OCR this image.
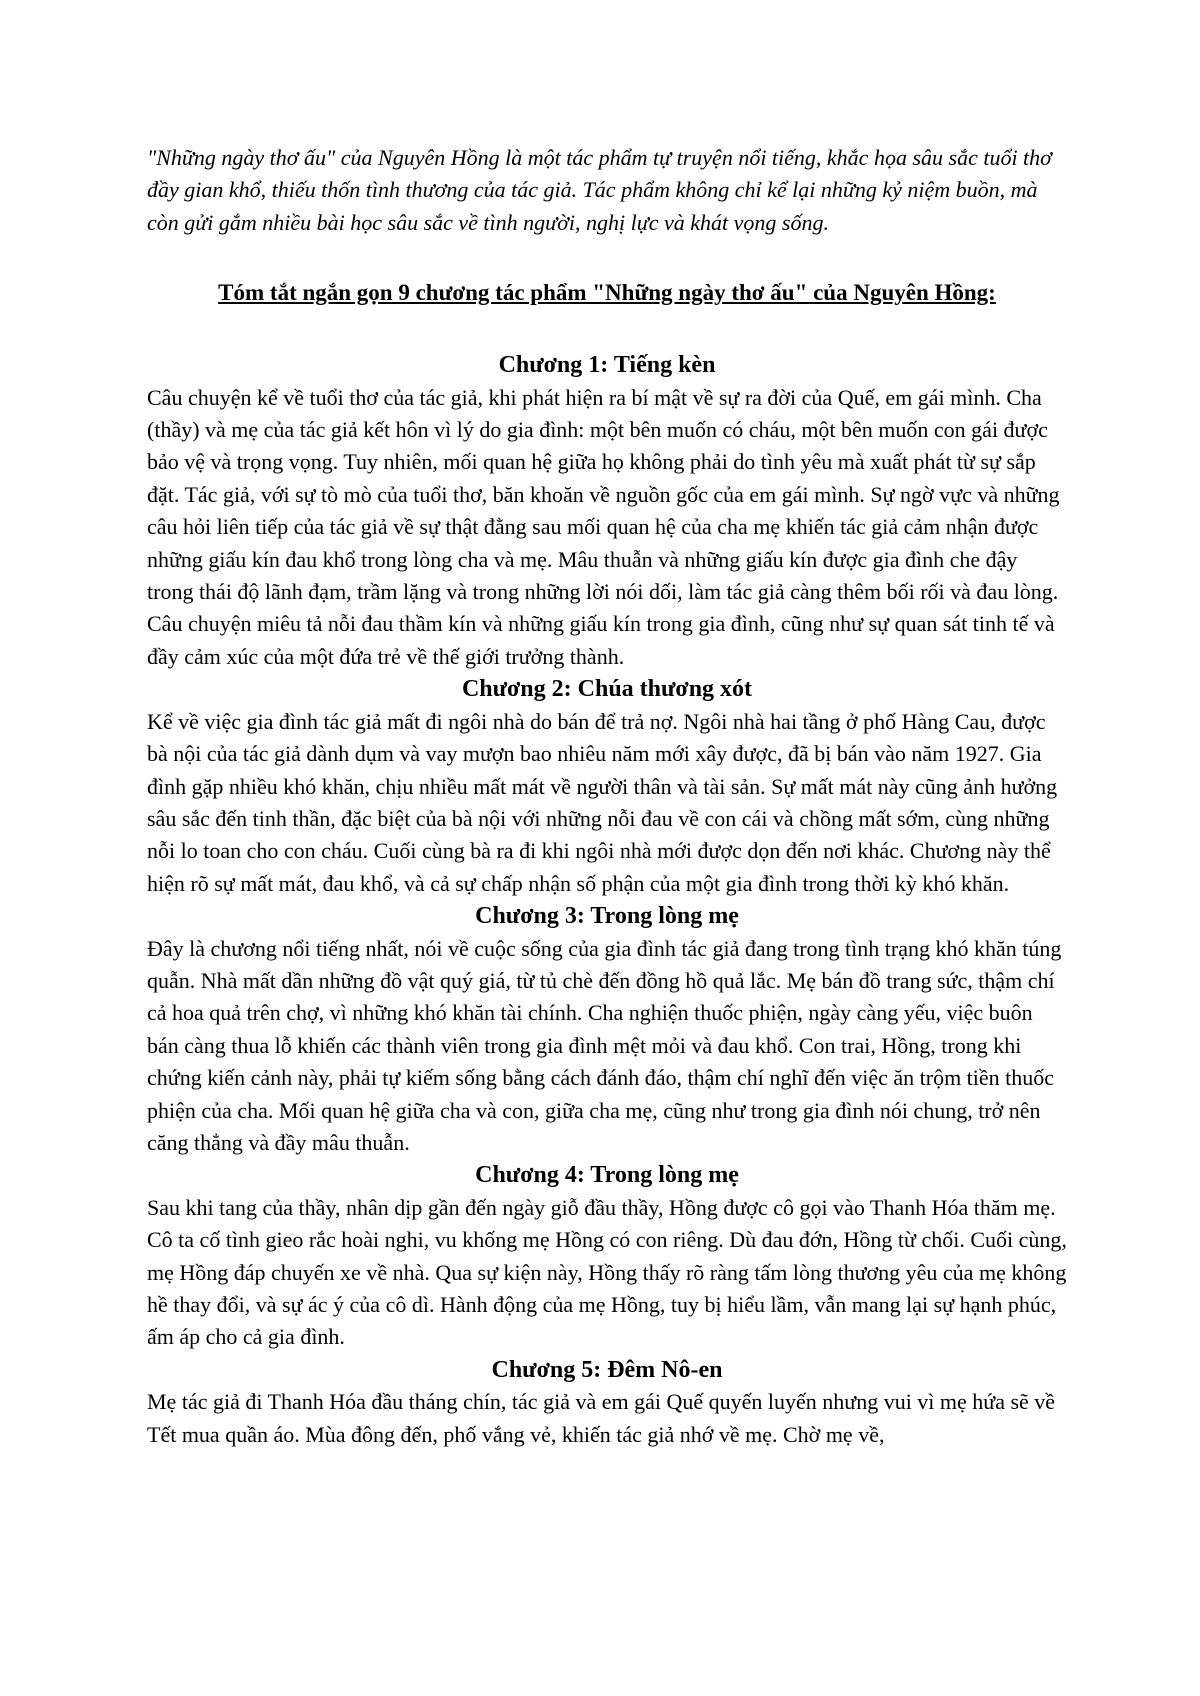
"Những ngày thơ ấu" của Nguyên Hồng là một tác phẩm tự truyện nổi tiếng, khắc họa sâu sắc tuổi thơ đầy gian khổ, thiếu thốn tình thương của tác giả. Tác phẩm không chỉ kể lại những kỷ niệm buồn, mà còn gửi gắm nhiều bài học sâu sắc về tình người, nghị lực và khát vọng sống.

Tóm tắt ngắn gọn 9 chương tác phẩm "Những ngày thơ ấu" của Nguyên Hồng:

Chương 1: Tiếng kèn

Câu chuyện kể về tuổi thơ của tác giả, khi phát hiện ra bí mật về sự ra đời của Quế, em gái mình. Cha (thầy) và mẹ của tác giả kết hôn vì lý do gia đình: một bên muốn có cháu, một bên muốn con gái được bảo vệ và trọng vọng. Tuy nhiên, mối quan hệ giữa họ không phải do tình yêu mà xuất phát từ sự sắp đặt. Tác giả, với sự tò mò của tuổi thơ, băn khoăn về nguồn gốc của em gái mình. Sự ngờ vực và những câu hỏi liên tiếp của tác giả về sự thật đằng sau mối quan hệ của cha mẹ khiến tác giả cảm nhận được những giấu kín đau khổ trong lòng cha và mẹ. Mâu thuẫn và những giấu kín được gia đình che đậy trong thái độ lãnh đạm, trầm lặng và trong những lời nói dối, làm tác giả càng thêm bối rối và đau lòng. Câu chuyện miêu tả nỗi đau thầm kín và những giấu kín trong gia đình, cũng như sự quan sát tinh tế và đầy cảm xúc của một đứa trẻ về thế giới trưởng thành.

Chương 2: Chúa thương xót

Kể về việc gia đình tác giả mất đi ngôi nhà do bán để trả nợ. Ngôi nhà hai tầng ở phố Hàng Cau, được bà nội của tác giả dành dụm và vay mượn bao nhiêu năm mới xây được, đã bị bán vào năm 1927. Gia đình gặp nhiều khó khăn, chịu nhiều mất mát về người thân và tài sản. Sự mất mát này cũng ảnh hưởng sâu sắc đến tinh thần, đặc biệt của bà nội với những nỗi đau về con cái và chồng mất sớm, cùng những nỗi lo toan cho con cháu. Cuối cùng bà ra đi khi ngôi nhà mới được dọn đến nơi khác. Chương này thể hiện rõ sự mất mát, đau khổ, và cả sự chấp nhận số phận của một gia đình trong thời kỳ khó khăn.

Chương 3: Trong lòng mẹ

Đây là chương nổi tiếng nhất, nói về cuộc sống của gia đình tác giả đang trong tình trạng khó khăn túng quẫn. Nhà mất dần những đồ vật quý giá, từ tủ chè đến đồng hồ quả lắc. Mẹ bán đồ trang sức, thậm chí cả hoa quả trên chợ, vì những khó khăn tài chính. Cha nghiện thuốc phiện, ngày càng yếu, việc buôn bán càng thua lỗ khiến các thành viên trong gia đình mệt mỏi và đau khổ. Con trai, Hồng, trong khi chứng kiến cảnh này, phải tự kiếm sống bằng cách đánh đáo, thậm chí nghĩ đến việc ăn trộm tiền thuốc phiện của cha. Mối quan hệ giữa cha và con, giữa cha mẹ, cũng như trong gia đình nói chung, trở nên căng thẳng và đầy mâu thuẫn.

Chương 4: Trong lòng mẹ

Sau khi tang của thầy, nhân dịp gần đến ngày giỗ đầu thầy, Hồng được cô gọi vào Thanh Hóa thăm mẹ. Cô ta cố tình gieo rắc hoài nghi, vu khống mẹ Hồng có con riêng. Dù đau đớn, Hồng từ chối. Cuối cùng, mẹ Hồng đáp chuyến xe về nhà. Qua sự kiện này, Hồng thấy rõ ràng tấm lòng thương yêu của mẹ không hề thay đổi, và sự ác ý của cô dì. Hành động của mẹ Hồng, tuy bị hiểu lầm, vẫn mang lại sự hạnh phúc, ấm áp cho cả gia đình.

Chương 5: Đêm Nô-en

Mẹ tác giả đi Thanh Hóa đầu tháng chín, tác giả và em gái Quế quyến luyến nhưng vui vì mẹ hứa sẽ về Tết mua quần áo. Mùa đông đến, phố vắng vẻ, khiến tác giả nhớ về mẹ. Chờ mẹ về,
